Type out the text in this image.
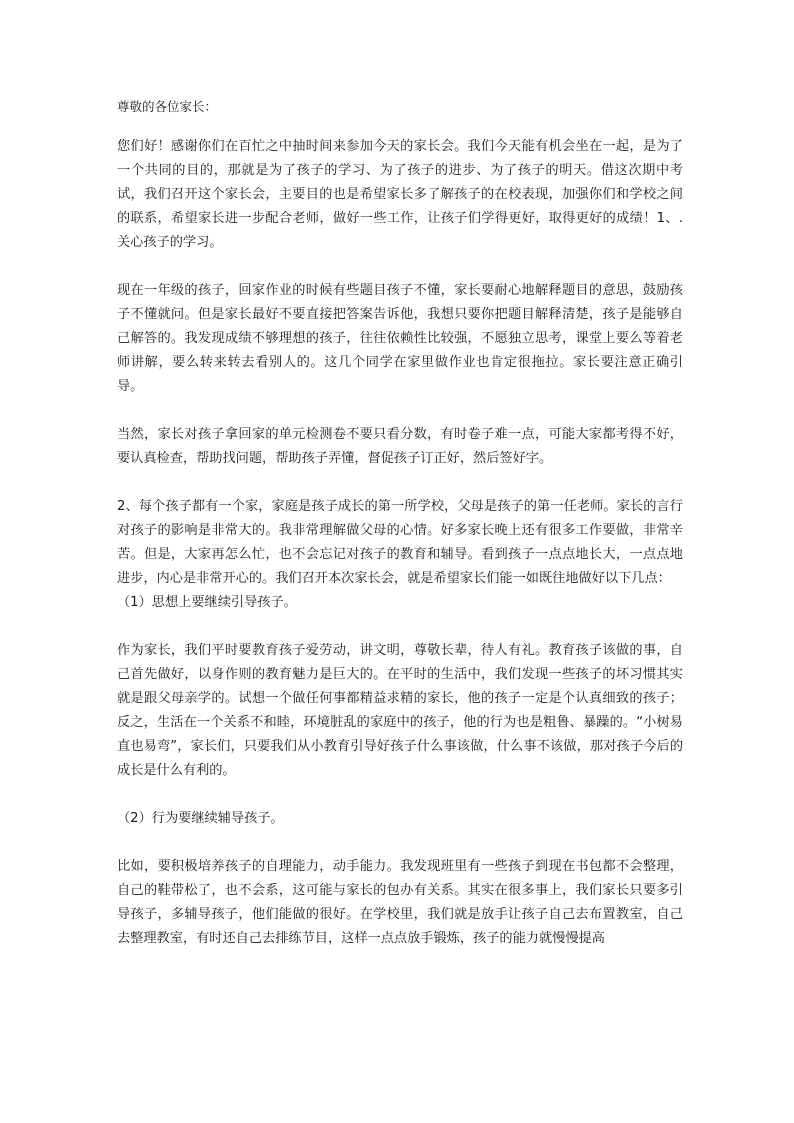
尊敬的各位家长：

您们好！感谢你们在百忙之中抽时间来参加今天的家长会。我们今天能有机会坐在一起，是为了一个共同的目的，那就是为了孩子的学习、为了孩子的进步、为了孩子的明天。借这次期中考试，我们召开这个家长会，主要目的也是希望家长多了解孩子的在校表现，加强你们和学校之间的联系，希望家长进一步配合老师，做好一些工作，让孩子们学得更好，取得更好的成绩！1、.关心孩子的学习。

现在一年级的孩子，回家作业的时候有些题目孩子不懂，家长要耐心地解释题目的意思，鼓励孩子不懂就问。但是家长最好不要直接把答案告诉他，我想只要你把题目解释清楚，孩子是能够自己解答的。我发现成绩不够理想的孩子，往往依赖性比较强，不愿独立思考，课堂上要么等着老师讲解，要么转来转去看别人的。这几个同学在家里做作业也肯定很拖拉。家长要注意正确引导。

当然，家长对孩子拿回家的单元检测卷不要只看分数，有时卷子难一点，可能大家都考得不好，要认真检查，帮助找问题，帮助孩子弄懂，督促孩子订正好，然后签好字。

2、每个孩子都有一个家，家庭是孩子成长的第一所学校，父母是孩子的第一任老师。家长的言行对孩子的影响是非常大的。我非常理解做父母的心情。好多家长晚上还有很多工作要做，非常辛苦。但是，大家再怎么忙，也不会忘记对孩子的教育和辅导。看到孩子一点点地长大，一点点地进步，内心是非常开心的。我们召开本次家长会，就是希望家长们能一如既往地做好以下几点：

（1）思想上要继续引导孩子。

作为家长，我们平时要教育孩子爱劳动，讲文明，尊敬长辈，待人有礼。教育孩子该做的事，自己首先做好，以身作则的教育魅力是巨大的。在平时的生活中，我们发现一些孩子的坏习惯其实就是跟父母亲学的。试想一个做任何事都精益求精的家长，他的孩子一定是个认真细致的孩子；反之，生活在一个关系不和睦，环境脏乱的家庭中的孩子，他的行为也是粗鲁、暴躁的。“小树易直也易弯”，家长们，只要我们从小教育引导好孩子什么事该做，什么事不该做，那对孩子今后的成长是什么有利的。

（2）行为要继续辅导孩子。

比如，要积极培养孩子的自理能力，动手能力。我发现班里有一些孩子到现在书包都不会整理，自己的鞋带松了，也不会系，这可能与家长的包办有关系。其实在很多事上，我们家长只要多引导孩子，多辅导孩子，他们能做的很好。在学校里，我们就是放手让孩子自己去布置教室，自己去整理教室，有时还自己去排练节目，这样一点点放手锻炼，孩子的能力就慢慢提高
